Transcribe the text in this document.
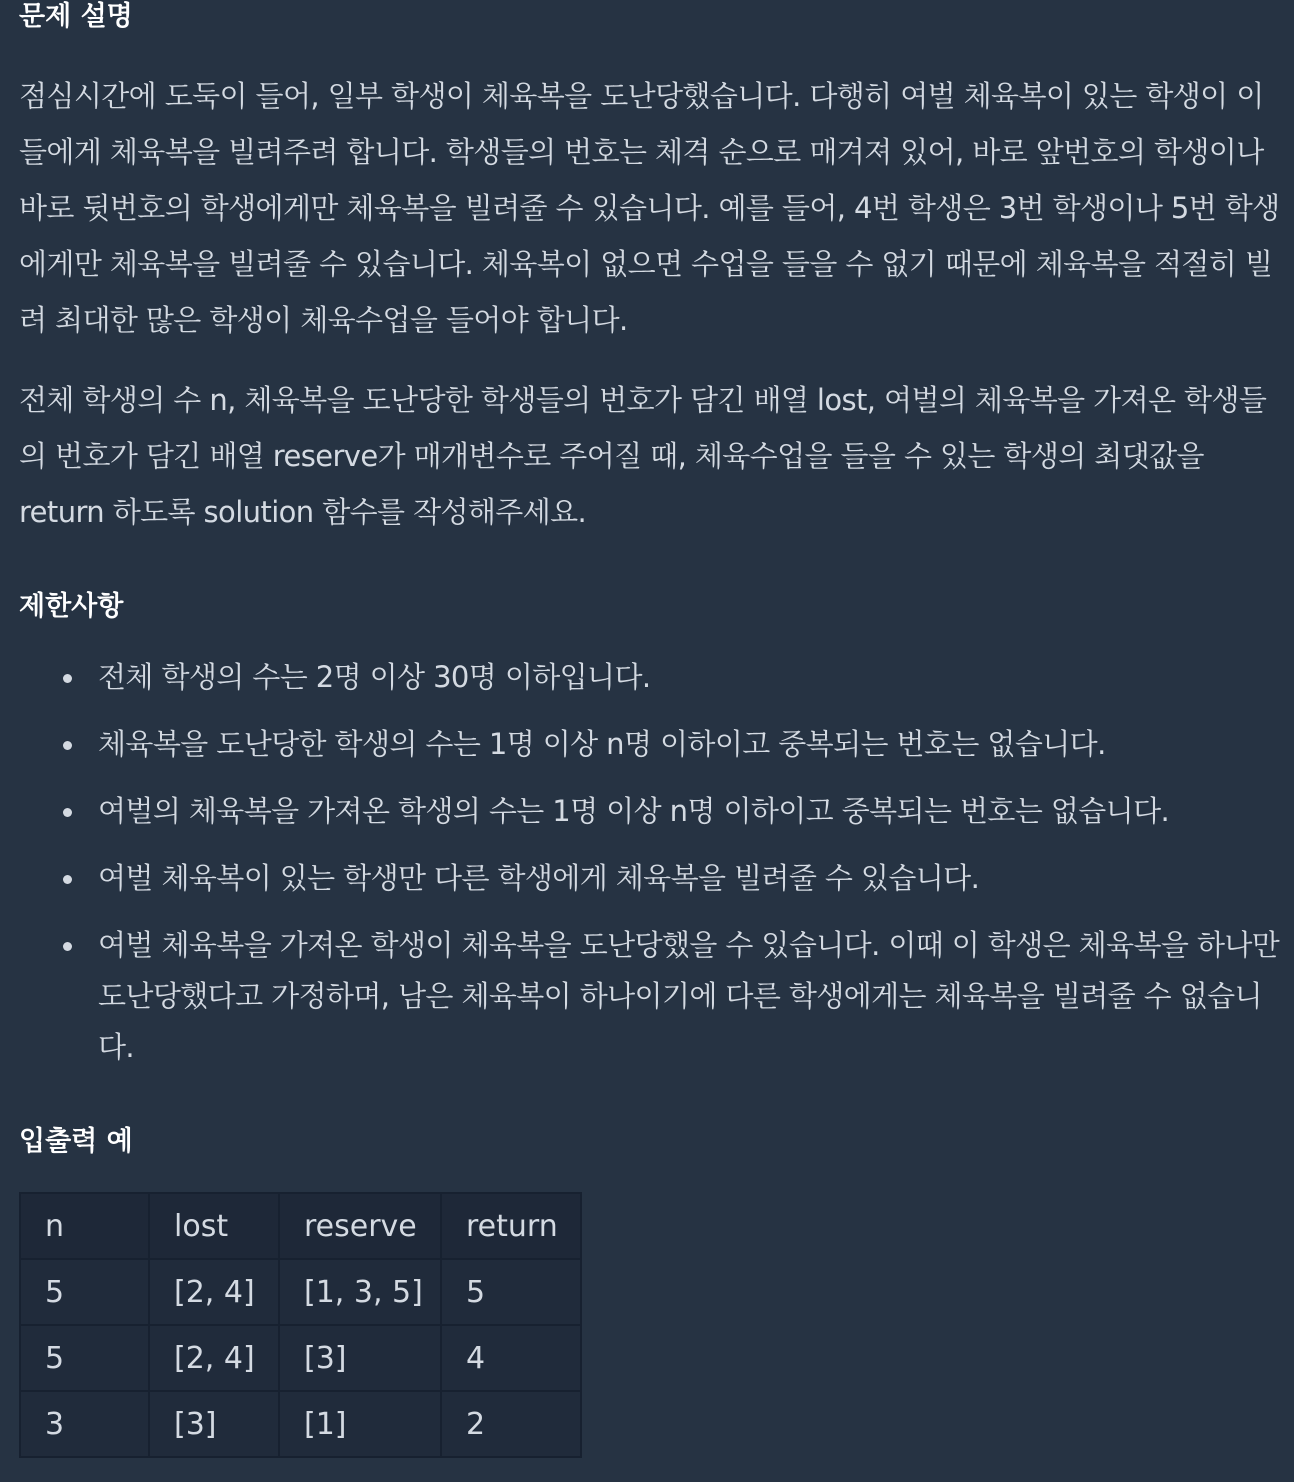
문제 설명

점심시간에 도둑이 들어, 일부 학생이 체육복을 도난당했습니다. 다행히 여벌 체육복이 있는 학생이 이들에게 체육복을 빌려주려 합니다. 학생들의 번호는 체격 순으로 매겨져 있어, 바로 앞번호의 학생이나 바로 뒷번호의 학생에게만 체육복을 빌려줄 수 있습니다. 예를 들어, 4번 학생은 3번 학생이나 5번 학생에게만 체육복을 빌려줄 수 있습니다. 체육복이 없으면 수업을 들을 수 없기 때문에 체육복을 적절히 빌려 최대한 많은 학생이 체육수업을 들어야 합니다.

전체 학생의 수 n, 체육복을 도난당한 학생들의 번호가 담긴 배열 lost, 여벌의 체육복을 가져온 학생들의 번호가 담긴 배열 reserve가 매개변수로 주어질 때, 체육수업을 들을 수 있는 학생의 최댓값을 return 하도록 solution 함수를 작성해주세요.

제한사항
전체 학생의 수는 2명 이상 30명 이하입니다.
체육복을 도난당한 학생의 수는 1명 이상 n명 이하이고 중복되는 번호는 없습니다.
여벌의 체육복을 가져온 학생의 수는 1명 이상 n명 이하이고 중복되는 번호는 없습니다.
여벌 체육복이 있는 학생만 다른 학생에게 체육복을 빌려줄 수 있습니다.
여벌 체육복을 가져온 학생이 체육복을 도난당했을 수 있습니다. 이때 이 학생은 체육복을 하나만 도난당했다고 가정하며, 남은 체육복이 하나이기에 다른 학생에게는 체육복을 빌려줄 수 없습니다.
입출력 예
n	lost	reserve	return
5	[2, 4]	[1, 3, 5]	5
5	[2, 4]	[3]	4
3	[3]	[1]	2
